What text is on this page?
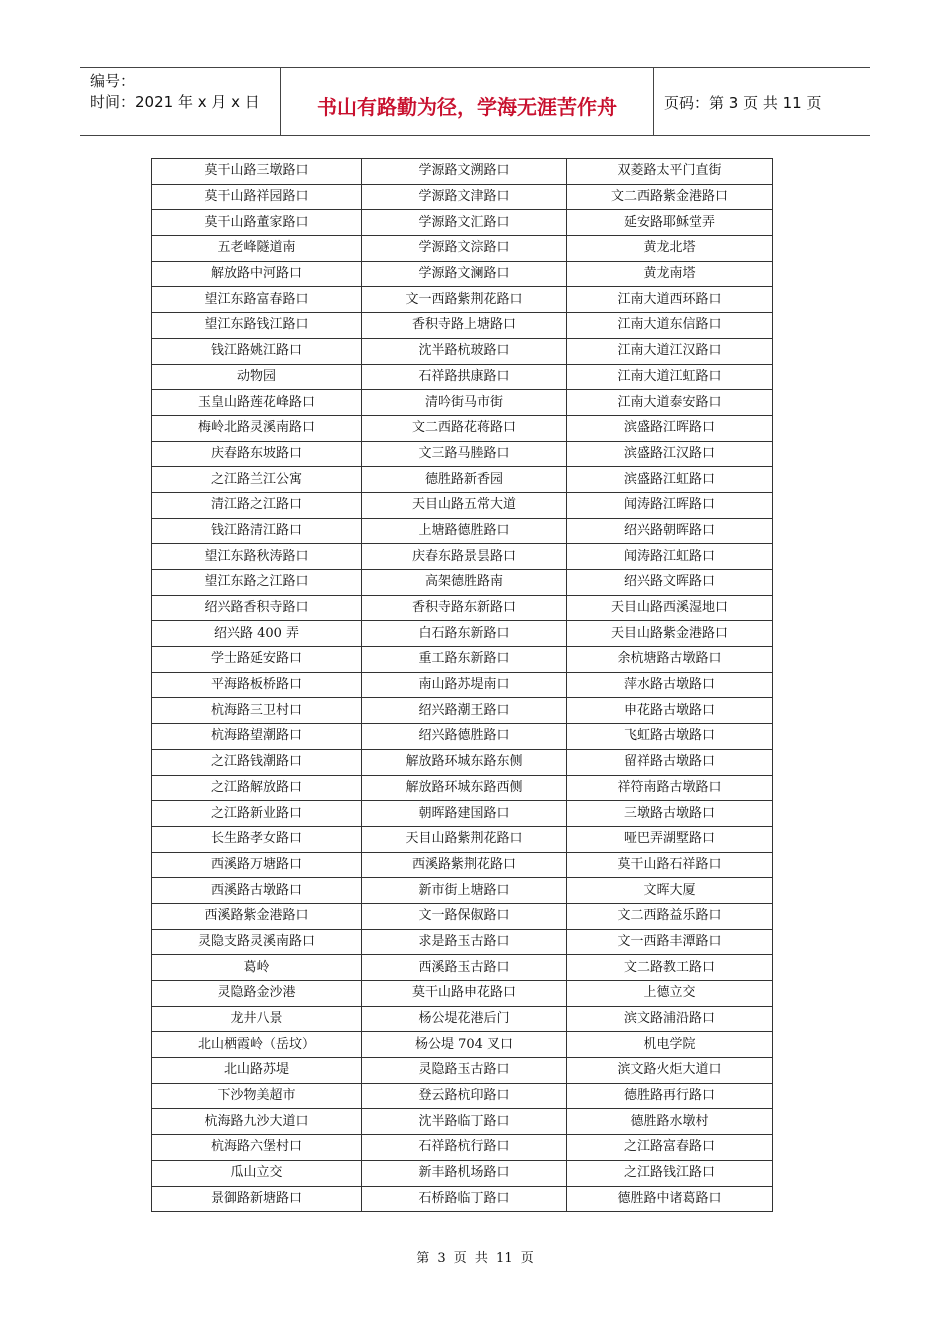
编号：
时间：2021 年 x 月 x 日	书山有路勤为径，学海无涯苦作舟	页码：第 3 页 共 11 页
莫干山路三墩路口	学源路文溯路口	双菱路太平门直街
莫干山路祥园路口	学源路文津路口	文二西路紫金港路口
莫干山路董家路口	学源路文汇路口	延安路耶稣堂弄
五老峰隧道南	学源路文淙路口	黄龙北塔
解放路中河路口	学源路文澜路口	黄龙南塔
望江东路富春路口	文一西路紫荆花路口	江南大道西环路口
望江东路钱江路口	香积寺路上塘路口	江南大道东信路口
钱江路姚江路口	沈半路杭玻路口	江南大道江汉路口
动物园	石祥路拱康路口	江南大道江虹路口
玉皇山路莲花峰路口	清吟街马市街	江南大道泰安路口
梅岭北路灵溪南路口	文二西路花蒋路口	滨盛路江晖路口
庆春路东坡路口	文三路马塍路口	滨盛路江汉路口
之江路兰江公寓	德胜路新香园	滨盛路江虹路口
清江路之江路口	天目山路五常大道	闻涛路江晖路口
钱江路清江路口	上塘路德胜路口	绍兴路朝晖路口
望江东路秋涛路口	庆春东路景昙路口	闻涛路江虹路口
望江东路之江路口	高架德胜路南	绍兴路文晖路口
绍兴路香积寺路口	香积寺路东新路口	天目山路西溪湿地口
绍兴路 400 弄	白石路东新路口	天目山路紫金港路口
学士路延安路口	重工路东新路口	余杭塘路古墩路口
平海路板桥路口	南山路苏堤南口	萍水路古墩路口
杭海路三卫村口	绍兴路潮王路口	申花路古墩路口
杭海路望潮路口	绍兴路德胜路口	飞虹路古墩路口
之江路钱潮路口	解放路环城东路东侧	留祥路古墩路口
之江路解放路口	解放路环城东路西侧	祥符南路古墩路口
之江路新业路口	朝晖路建国路口	三墩路古墩路口
长生路孝女路口	天目山路紫荆花路口	哑巴弄湖墅路口
西溪路万塘路口	西溪路紫荆花路口	莫干山路石祥路口
西溪路古墩路口	新市街上塘路口	文晖大厦
西溪路紫金港路口	文一路保俶路口	文二西路益乐路口
灵隐支路灵溪南路口	求是路玉古路口	文一西路丰潭路口
葛岭	西溪路玉古路口	文二路教工路口
灵隐路金沙港	莫干山路申花路口	上德立交
龙井八景	杨公堤花港后门	滨文路浦沿路口
北山栖霞岭（岳坟）	杨公堤 704 叉口	机电学院
北山路苏堤	灵隐路玉古路口	滨文路火炬大道口
下沙物美超市	登云路杭印路口	德胜路再行路口
杭海路九沙大道口	沈半路临丁路口	德胜路水墩村
杭海路六堡村口	石祥路杭行路口	之江路富春路口
瓜山立交	新丰路机场路口	之江路钱江路口
景御路新塘路口	石桥路临丁路口	德胜路中诸葛路口
第 3 页 共 11 页
